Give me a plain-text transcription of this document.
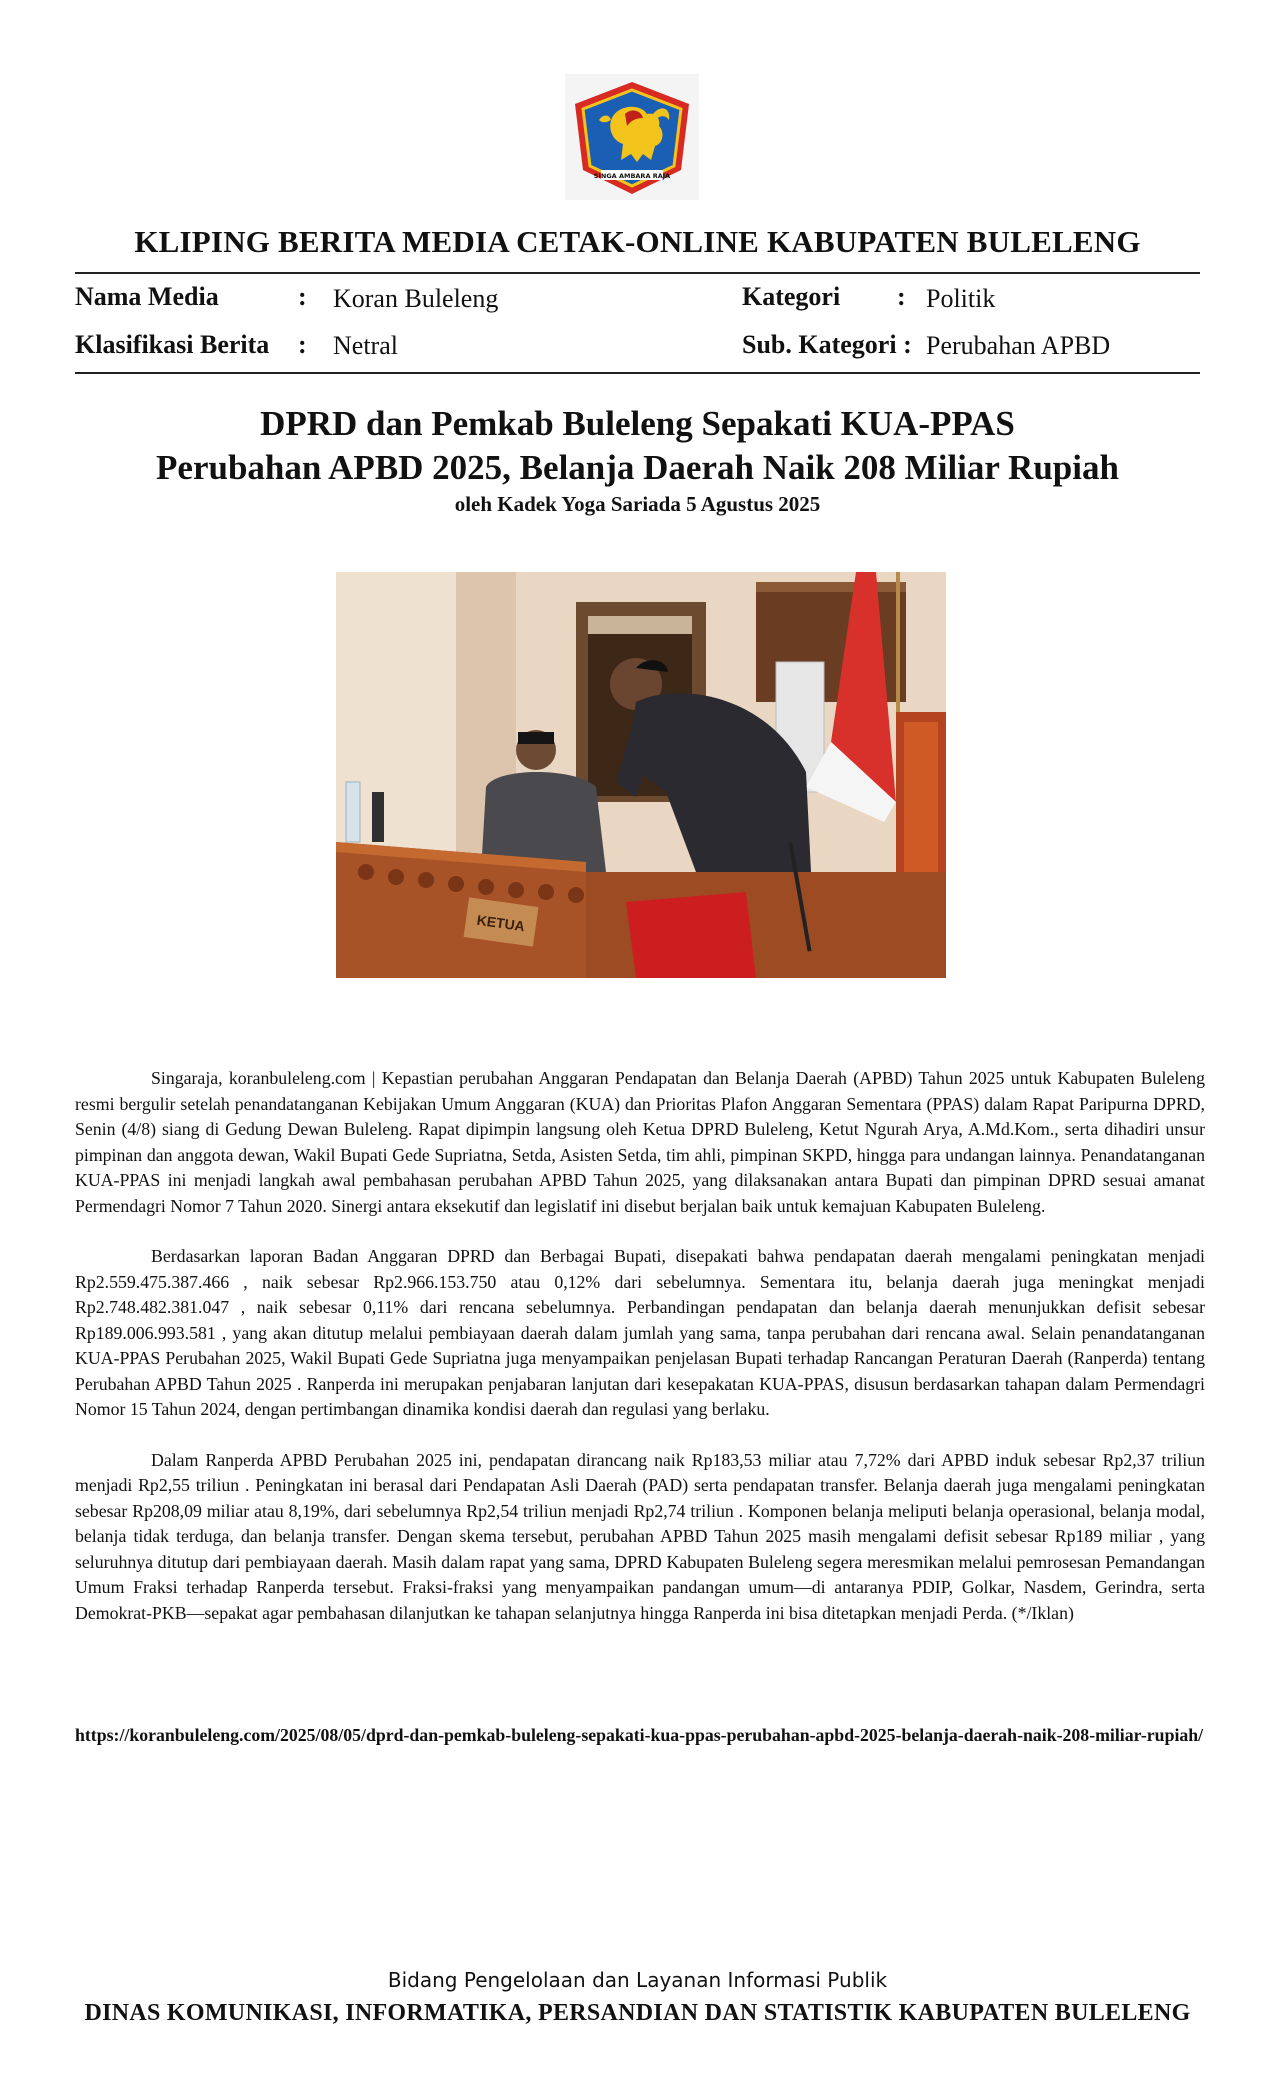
SINGA AMBARA RAJA
KLIPING BERITA MEDIA CETAK-ONLINE KABUPATEN BULELENG
Nama Media	: Koran Buleleng
Klasifikasi Berita : Netral
Kategori : Politik
Sub. Kategori : Perubahan APBD
DPRD dan Pemkab Buleleng Sepakati KUA-PPAS
Perubahan APBD 2025, Belanja Daerah Naik 208 Miliar Rupiah
oleh Kadek Yoga Sariada 5 Agustus 2025
KETUA

Singaraja, koranbuleleng.com | Kepastian perubahan Anggaran Pendapatan dan Belanja Daerah (APBD) Tahun 2025 untuk Kabupaten Buleleng resmi bergulir setelah penandatanganan Kebijakan Umum Anggaran (KUA) dan Prioritas Plafon Anggaran Sementara (PPAS) dalam Rapat Paripurna DPRD, Senin (4/8) siang di Gedung Dewan Buleleng. Rapat dipimpin langsung oleh Ketua DPRD Buleleng, Ketut Ngurah Arya, A.Md.Kom., serta dihadiri unsur pimpinan dan anggota dewan, Wakil Bupati Gede Supriatna, Setda, Asisten Setda, tim ahli, pimpinan SKPD, hingga para undangan lainnya. Penandatanganan KUA-PPAS ini menjadi langkah awal pembahasan perubahan APBD Tahun 2025, yang dilaksanakan antara Bupati dan pimpinan DPRD sesuai amanat Permendagri Nomor 7 Tahun 2020. Sinergi antara eksekutif dan legislatif ini disebut berjalan baik untuk kemajuan Kabupaten Buleleng.

Berdasarkan laporan Badan Anggaran DPRD dan Berbagai Bupati, disepakati bahwa pendapatan daerah mengalami peningkatan menjadi Rp2.559.475.387.466 , naik sebesar Rp2.966.153.750 atau 0,12% dari sebelumnya. Sementara itu, belanja daerah juga meningkat menjadi Rp2.748.482.381.047 , naik sebesar 0,11% dari rencana sebelumnya. Perbandingan pendapatan dan belanja daerah menunjukkan defisit sebesar Rp189.006.993.581 , yang akan ditutup melalui pembiayaan daerah dalam jumlah yang sama, tanpa perubahan dari rencana awal. Selain penandatanganan KUA-PPAS Perubahan 2025, Wakil Bupati Gede Supriatna juga menyampaikan penjelasan Bupati terhadap Rancangan Peraturan Daerah (Ranperda) tentang Perubahan APBD Tahun 2025 . Ranperda ini merupakan penjabaran lanjutan dari kesepakatan KUA-PPAS, disusun berdasarkan tahapan dalam Permendagri Nomor 15 Tahun 2024, dengan pertimbangan dinamika kondisi daerah dan regulasi yang berlaku.

Dalam Ranperda APBD Perubahan 2025 ini, pendapatan dirancang naik Rp183,53 miliar atau 7,72% dari APBD induk sebesar Rp2,37 triliun menjadi Rp2,55 triliun . Peningkatan ini berasal dari Pendapatan Asli Daerah (PAD) serta pendapatan transfer. Belanja daerah juga mengalami peningkatan sebesar Rp208,09 miliar atau 8,19%, dari sebelumnya Rp2,54 triliun menjadi Rp2,74 triliun . Komponen belanja meliputi belanja operasional, belanja modal, belanja tidak terduga, dan belanja transfer. Dengan skema tersebut, perubahan APBD Tahun 2025 masih mengalami defisit sebesar Rp189 miliar , yang seluruhnya ditutup dari pembiayaan daerah. Masih dalam rapat yang sama, DPRD Kabupaten Buleleng segera meresmikan melalui pemrosesan Pemandangan Umum Fraksi terhadap Ranperda tersebut. Fraksi-fraksi yang menyampaikan pandangan umum—di antaranya PDIP, Golkar, Nasdem, Gerindra, serta Demokrat-PKB—sepakat agar pembahasan dilanjutkan ke tahapan selanjutnya hingga Ranperda ini bisa ditetapkan menjadi Perda. (*/Iklan)

https://koranbuleleng.com/2025/08/05/dprd-dan-pemkab-buleleng-sepakati-kua-ppas-perubahan-apbd-2025-belanja-daerah-naik-208-miliar-rupiah/
Bidang Pengelolaan dan Layanan Informasi Publik
DINAS KOMUNIKASI, INFORMATIKA, PERSANDIAN DAN STATISTIK KABUPATEN BULELENG
